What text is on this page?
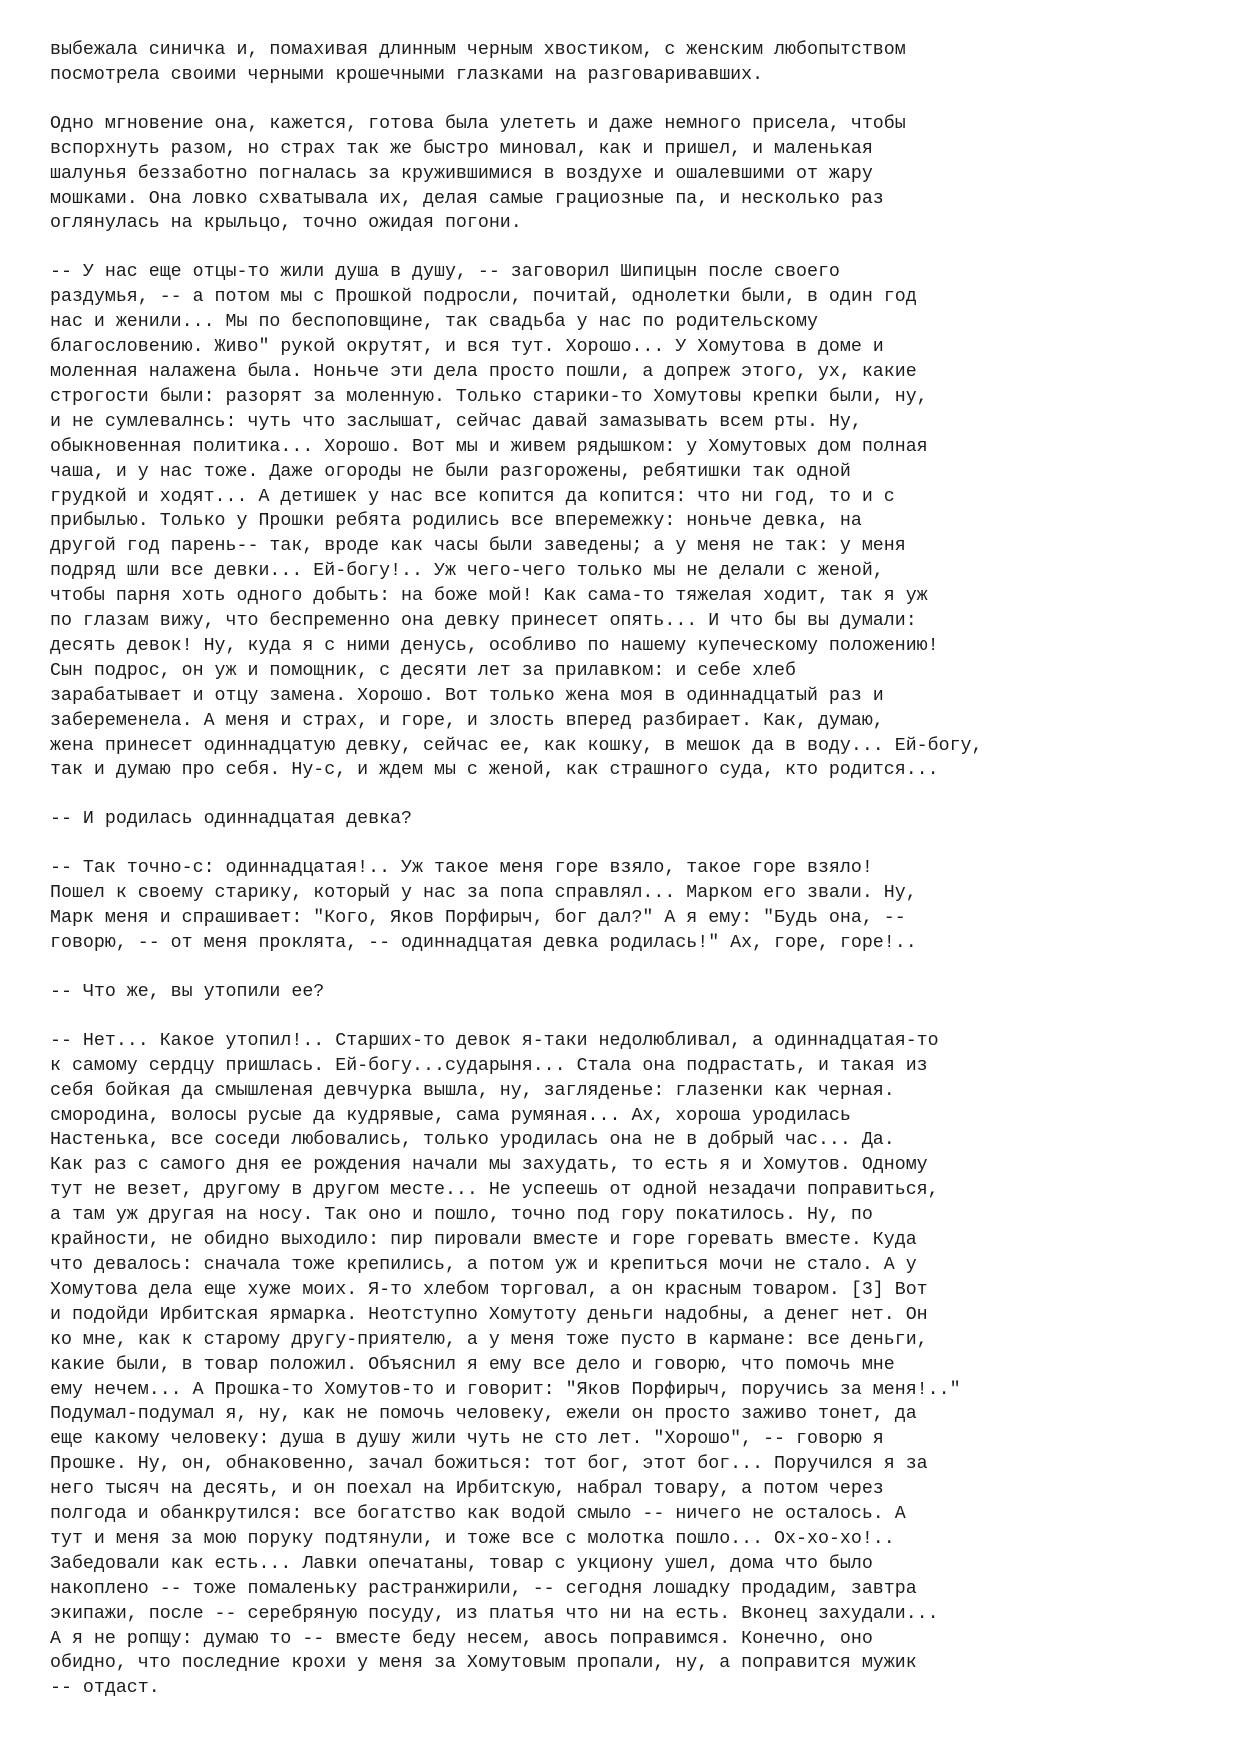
выбежала синичка и, помахивая длинным черным хвостиком, с женским любопытством
посмотрела своими черными крошечными глазками на разговаривавших.

Одно мгновение она, кажется, готова была улететь и даже немного присела, чтобы
вспорхнуть разом, но страх так же быстро миновал, как и пришел, и маленькая
шалунья беззаботно погналась за кружившимися в воздухе и ошалевшими от жару
мошками. Она ловко схватывала их, делая самые грациозные па, и несколько раз
оглянулась на крыльцо, точно ожидая погони.

-- У нас еще отцы-то жили душа в душу, -- заговорил Шипицын после своего
раздумья, -- а потом мы с Прошкой подросли, почитай, однолетки были, в один год
нас и женили... Мы по беспоповщине, так свадьба у нас по родительскому
благословению. Живо" рукой окрутят, и вся тут. Хорошо... У Хомутова в доме и
моленная налажена была. Ноньче эти дела просто пошли, а допреж этого, ух, какие
строгости были: разорят за моленную. Только старики-то Хомутовы крепки были, ну,
и не сумлевалнсь: чуть что заслышат, сейчас давай замазывать всем рты. Ну,
обыкновенная политика... Хорошо. Вот мы и живем рядышком: у Хомутовых дом полная
чаша, и у нас тоже. Даже огороды не были разгорожены, ребятишки так одной
грудкой и ходят... А детишек у нас все копится да копится: что ни год, то и с
прибылью. Только у Прошки ребята родились все вперемежку: ноньче девка, на
другой год парень-- так, вроде как часы были заведены; а у меня не так: у меня
подряд шли все девки... Ей-богу!.. Уж чего-чего только мы не делали с женой,
чтобы парня хоть одного добыть: на боже мой! Как сама-то тяжелая ходит, так я уж
по глазам вижу, что беспременно она девку принесет опять... И что бы вы думали:
десять девок! Ну, куда я с ними денусь, особливо по нашему купеческому положению!
Сын подрос, он уж и помощник, с десяти лет за прилавком: и себе хлеб
зарабатывает и отцу замена. Хорошо. Вот только жена моя в одиннадцатый раз и
забеременела. А меня и страх, и горе, и злость вперед разбирает. Как, думаю,
жена принесет одиннадцатую девку, сейчас ее, как кошку, в мешок да в воду... Ей-богу,
так и думаю про себя. Ну-с, и ждем мы с женой, как страшного суда, кто родится...

-- И родилась одиннадцатая девка?

-- Так точно-с: одиннадцатая!.. Уж такое меня горе взяло, такое горе взяло!
Пошел к своему старику, который у нас за попа справлял... Марком его звали. Ну,
Марк меня и спрашивает: "Кого, Яков Порфирыч, бог дал?" А я ему: "Будь она, --
говорю, -- от меня проклята, -- одиннадцатая девка родилась!" Ах, горе, горе!..

-- Что же, вы утопили ее?

-- Нет... Какое утопил!.. Старших-то девок я-таки недолюбливал, а одиннадцатая-то
к самому сердцу пришлась. Ей-богу...сударыня... Стала она подрастать, и такая из
себя бойкая да смышленая девчурка вышла, ну, загляденье: глазенки как черная.
смородина, волосы русые да кудрявые, сама румяная... Ах, хороша уродилась
Настенька, все соседи любовались, только уродилась она не в добрый час... Да.
Как раз с самого дня ее рождения начали мы захудать, то есть я и Хомутов. Одному
тут не везет, другому в другом месте... Не успеешь от одной незадачи поправиться,
а там уж другая на носу. Так оно и пошло, точно под гору покатилось. Ну, по
крайности, не обидно выходило: пир пировали вместе и горе горевать вместе. Куда
что девалось: сначала тоже крепились, а потом уж и крепиться мочи не стало. А у
Хомутова дела еще хуже моих. Я-то хлебом торговал, а он красным товаром. [3] Вот
и подойди Ирбитская ярмарка. Неотступно Хомутоту деньги надобны, а денег нет. Он
ко мне, как к старому другу-приятелю, а у меня тоже пусто в кармане: все деньги,
какие были, в товар положил. Объяснил я ему все дело и говорю, что помочь мне
ему нечем... А Прошка-то Хомутов-то и говорит: "Яков Порфирыч, поручись за меня!.."
Подумал-подумал я, ну, как не помочь человеку, ежели он просто заживо тонет, да
еще какому человеку: душа в душу жили чуть не сто лет. "Хорошо", -- говорю я
Прошке. Ну, он, обнаковенно, зачал божиться: тот бог, этот бог... Поручился я за
него тысяч на десять, и он поехал на Ирбитскую, набрал товару, а потом через
полгода и обанкрутился: все богатство как водой смыло -- ничего не осталось. А
тут и меня за мою поруку подтянули, и тоже все с молотка пошло... Ох-хо-хо!..
Забедовали как есть... Лавки опечатаны, товар с укциону ушел, дома что было
накоплено -- тоже помаленьку растранжирили, -- сегодня лошадку продадим, завтра
экипажи, после -- серебряную посуду, из платья что ни на есть. Вконец захудали...
А я не ропщу: думаю то -- вместе беду несем, авось поправимся. Конечно, оно
обидно, что последние крохи у меня за Хомутовым пропали, ну, а поправится мужик
-- отдаст.
